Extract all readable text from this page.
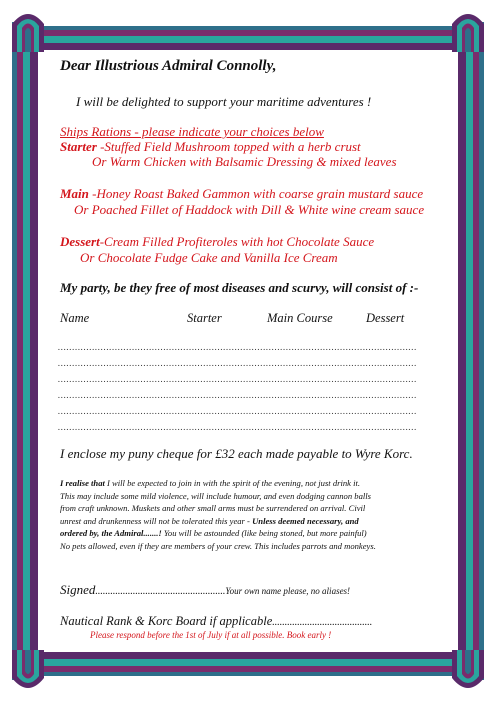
Dear Illustrious Admiral Connolly,
I will be delighted to support your maritime adventures !
Ships Rations - please indicate your choices below
Starter -Stuffed Field Mushroom topped with a herb crust
Or Warm Chicken with Balsamic Dressing & mixed leaves
Main -Honey Roast Baked Gammon with coarse grain mustard sauce
Or Poached Fillet of Haddock with Dill & White wine cream sauce
Dessert-Cream Filled Profiteroles with hot Chocolate Sauce
Or Chocolate Fudge Cake and Vanilla Ice Cream
My party, be they free of most diseases and scurvy, will consist of :-
Name	Starter	Main Course	Dessert
..............................................................................................................................
..............................................................................................................................
..............................................................................................................................
..............................................................................................................................
..............................................................................................................................
..............................................................................................................................
I enclose my puny cheque for £32 each made payable to Wyre Korc.
I realise that I will be expected to join in with the spirit of the evening, not just drink it.
This may include some mild violence, will include humour, and even dodging cannon balls
from craft unknown. Muskets and other small arms must be surrendered on arrival. Civil
unrest and drunkenness will not be tolerated this year - Unless deemed necessary, and
ordered by, the Admiral.......! You will be astounded (like being stoned, but more painful)
No pets allowed, even if they are members of your crew. This includes parrots and monkeys.
Signed....................................................Your own name please, no aliases!
Nautical Rank & Korc Board if applicable........................................
Please respond before the 1st of July if at all possible. Book early !
